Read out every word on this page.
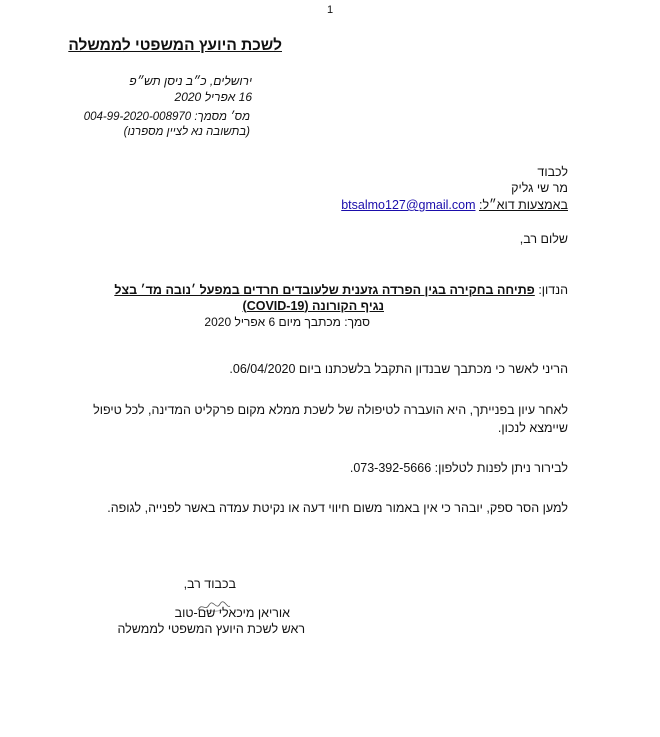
1
לשכת היועץ המשפטי לממשלה
ירושלים, כ״ב ניסן תש״פ
16 אפריל 2020
מס׳ מסמך: 004-99-2020-008970
(בתשובה נא לציין מספרנו)
לכבוד
מר שי גליק
באמצעות דוא״ל: btsalmo127@gmail.com
שלום רב,
הנדון: פתיחה בחקירה בגין הפרדה גזענית שלעובדים חרדים במפעל ׳נובה מד׳ בצל
נגיף הקורונה (COVID-19)
סמך: מכתבך מיום 6 אפריל 2020
הריני לאשר כי מכתבך שבנדון התקבל בלשכתנו ביום 06/04/2020.
לאחר עיון בפנייתך, היא הועברה לטיפולה של לשכת ממלא מקום פרקליט המדינה, לכל טיפול
שיימצא לנכון.
לבירור ניתן לפנות לטלפון: 073-392-5666.
למען הסר ספק, יובהר כי אין באמור משום חיווי דעה או נקיטת עמדה באשר לפנייה, לגופה.
בכבוד רב,
אוריאן מיכאלי שם-טוב
ראש לשכת היועץ המשפטי לממשלה
